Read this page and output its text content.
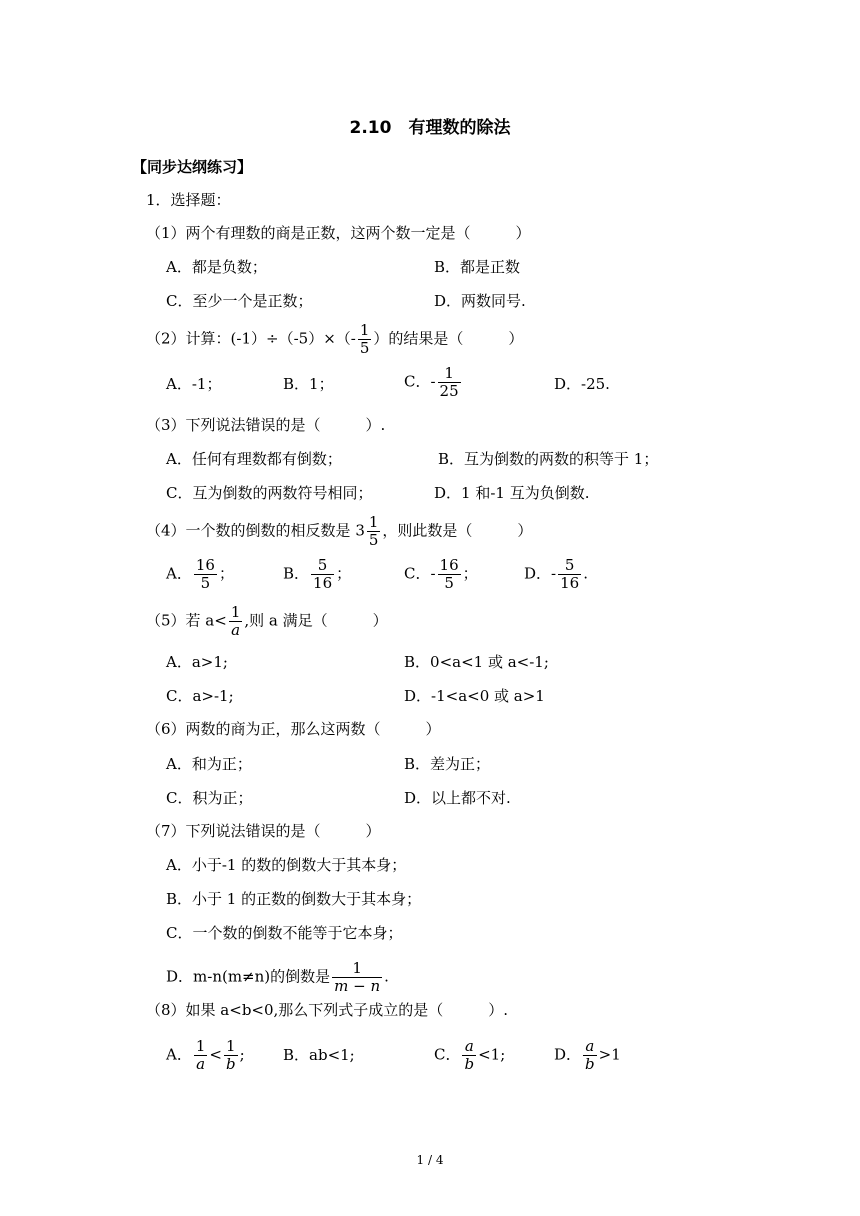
2.10　有理数的除法
【同步达纲练习】
1．选择题：
（1）两个有理数的商是正数，这两个数一定是（　　　）
A．都是负数；	B．都是正数
C．至少一个是正数；	D．两数同号.
（2）计算：$(-1)\div(-5)\times(- \frac{1}{5}$ ）的结果是（　　　）
A．-1；	B．1；	C．- $\frac{1}{25}$	D．-25.
（3）下列说法错误的是（　　　）.
A．任何有理数都有倒数；	B．互为倒数的两数的积等于 1；
C．互为倒数的两数符号相同；	D．1 和-1 互为负倒数.
（4）一个数的倒数的相反数是 $3 \frac{1}{5}$ ，则此数是（　　　）
A． $\frac{16}{5}$ ；	B． $\frac{5}{16}$ ；	C．- $\frac{16}{5}$ ；	D．- $\frac{5}{16}$ .
（5）若 $a< \frac{1}{a}$ ,则 a 满足（　　　）
A．a>1;	B．0<a<1 或 a<-1;
C．a>-1;	D．-1<a<0 或 a>1
（6）两数的商为正，那么这两数（　　　）
A．和为正；	B．差为正；
C．积为正；	D．以上都不对.
（7）下列说法错误的是（　　　）
A．小于-1 的数的倒数大于其本身；
B．小于 1 的正数的倒数大于其本身；
C．一个数的倒数不能等于它本身；
D．m-n(m≠n)的倒数是 $\frac{1}{m - n}$ .
（8）如果 a<b<0,那么下列式子成立的是（　　　）.
A． $\frac{1}{a} < \frac{1}{b}$ ;	B．ab<1;	C． $\frac{a}{b} <1$;	D． $\frac{a}{b} >1$
1 / 4
